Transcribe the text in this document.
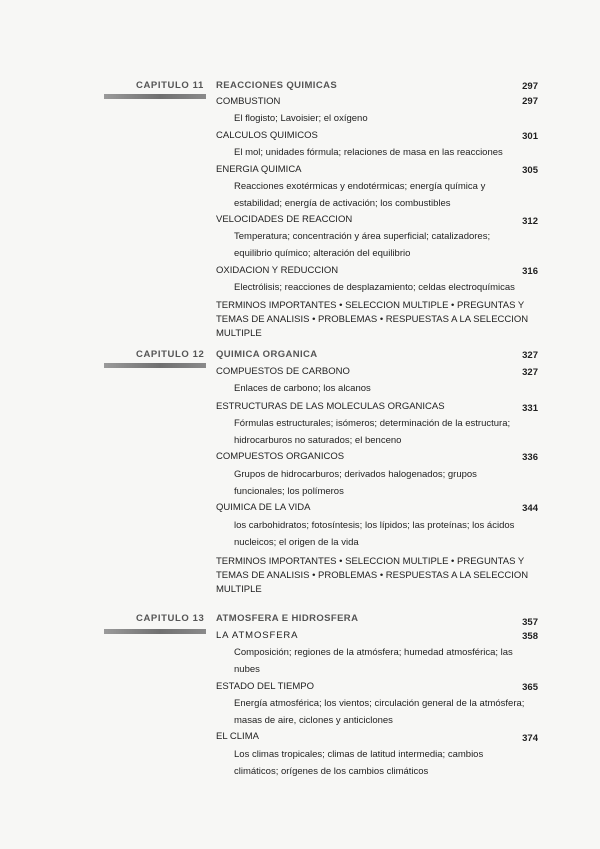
CAPITULO 11 REACCIONES QUIMICAS	297
COMBUSTION	297
El flogisto; Lavoisier; el oxígeno
CALCULOS QUIMICOS	301
El mol; unidades fórmula; relaciones de masa en las reacciones
ENERGIA QUIMICA	305
Reacciones exotérmicas y endotérmicas; energía química y
estabilidad; energía de activación; los combustibles
VELOCIDADES DE REACCION	312
Temperatura; concentración y área superficial; catalizadores;
equilibrio químico; alteración del equilibrio
OXIDACION Y REDUCCION	316
Electrólisis; reacciones de desplazamiento; celdas electroquímicas
TERMINOS IMPORTANTES • SELECCION MULTIPLE • PREGUNTAS Y
TEMAS DE ANALISIS • PROBLEMAS • RESPUESTAS A LA SELECCION
MULTIPLE
CAPITULO 12 QUIMICA ORGANICA	327
COMPUESTOS DE CARBONO	327
Enlaces de carbono; los alcanos
ESTRUCTURAS DE LAS MOLECULAS ORGANICAS	331
Fórmulas estructurales; isómeros; determinación de la estructura;
hidrocarburos no saturados; el benceno
COMPUESTOS ORGANICOS	336
Grupos de hidrocarburos; derivados halogenados; grupos
funcionales; los polímeros
QUIMICA DE LA VIDA	344
los carbohidratos; fotosíntesis; los lípidos; las proteínas; los ácidos
nucleicos; el origen de la vida
TERMINOS IMPORTANTES • SELECCION MULTIPLE • PREGUNTAS Y
TEMAS DE ANALISIS • PROBLEMAS • RESPUESTAS A LA SELECCION
MULTIPLE
CAPITULO 13 ATMOSFERA E HIDROSFERA	357
LA ATMOSFERA	358
Composición; regiones de la atmósfera; humedad atmosférica; las
nubes
ESTADO DEL TIEMPO	365
Energía atmosférica; los vientos; circulación general de la atmósfera;
masas de aire, ciclones y anticiclones
EL CLIMA	374
Los climas tropicales; climas de latitud intermedia; cambios
climáticos; orígenes de los cambios climáticos
